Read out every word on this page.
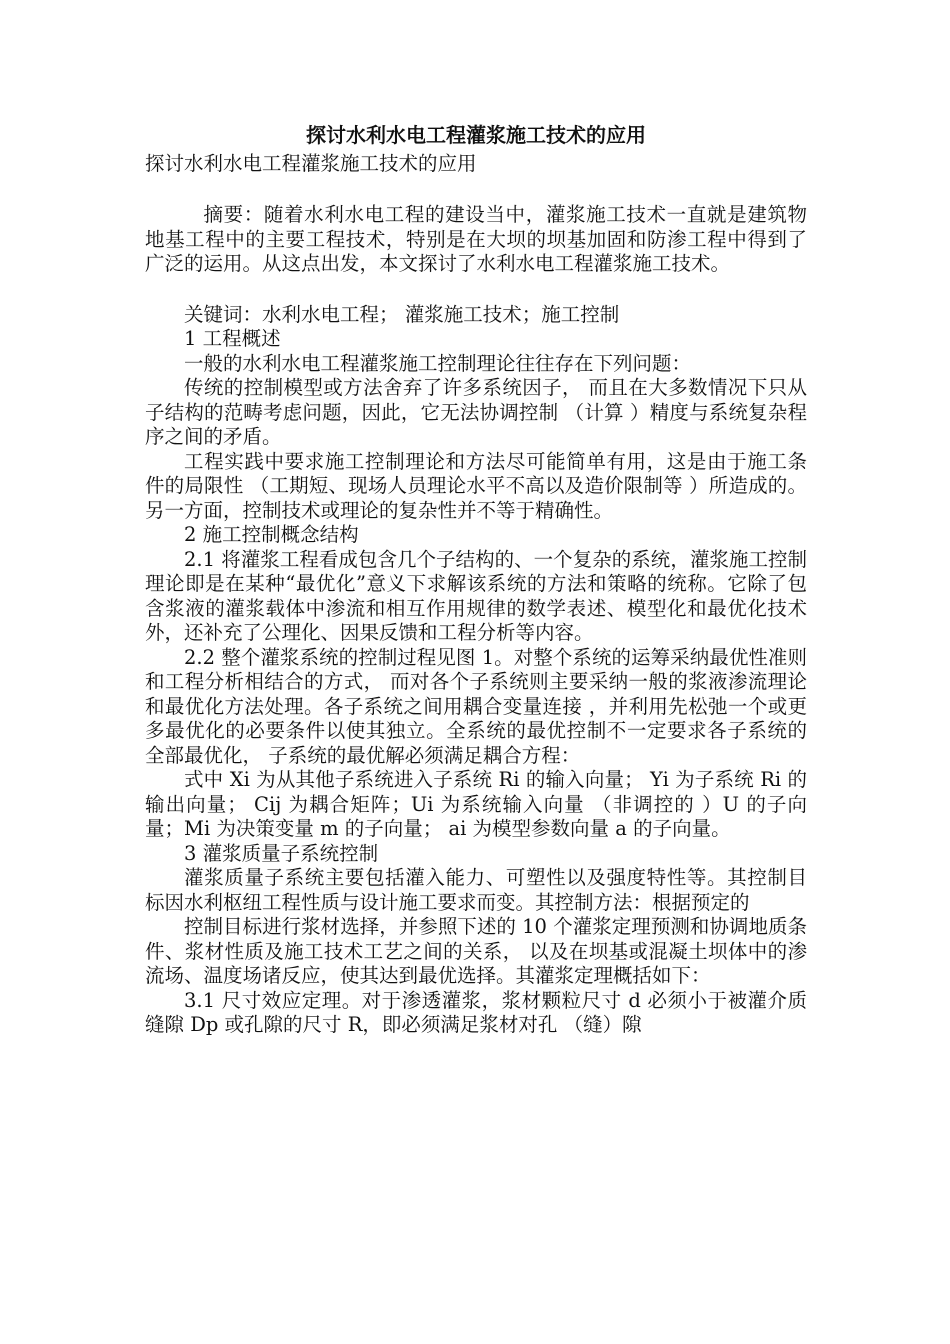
探讨水利水电工程灌浆施工技术的应用

探讨水利水电工程灌浆施工技术的应用

摘要：随着水利水电工程的建设当中，灌浆施工技术一直就是建筑物地基工程中的主要工程技术，特别是在大坝的坝基加固和防渗工程中得到了广泛的运用。从这点出发，本文探讨了水利水电工程灌浆施工技术。

关键词：水利水电工程； 灌浆施工技术；施工控制

1 工程概述

一般的水利水电工程灌浆施工控制理论往往存在下列问题：

传统的控制模型或方法舍弃了许多系统因子， 而且在大多数情况下只从子结构的范畴考虑问题，因此，它无法协调控制 （计算 ）精度与系统复杂程序之间的矛盾。

工程实践中要求施工控制理论和方法尽可能简单有用，这是由于施工条件的局限性 （工期短、现场人员理论水平不高以及造价限制等 ）所造成的。另一方面，控制技术或理论的复杂性并不等于精确性。

2 施工控制概念结构

2.1 将灌浆工程看成包含几个子结构的、一个复杂的系统，灌浆施工控制理论即是在某种“最优化”意义下求解该系统的方法和策略的统称。它除了包含浆液的灌浆载体中渗流和相互作用规律的数学表述、模型化和最优化技术外，还补充了公理化、因果反馈和工程分析等内容。

2.2 整个灌浆系统的控制过程见图 1。对整个系统的运筹采纳最优性准则和工程分析相结合的方式， 而对各个子系统则主要采纳一般的浆液渗流理论和最优化方法处理。各子系统之间用耦合变量连接 ，并利用先松弛一个或更多最优化的必要条件以使其独立。全系统的最优控制不一定要求各子系统的全部最优化， 子系统的最优解必须满足耦合方程：

式中 Xi 为从其他子系统进入子系统 Ri 的输入向量； Yi 为子系统 Ri 的输出向量； Cij 为耦合矩阵；Ui 为系统输入向量 （非调控的 ）U 的子向量；Mi 为决策变量 m 的子向量； ai 为模型参数向量 a 的子向量。

3 灌浆质量子系统控制

灌浆质量子系统主要包括灌入能力、可塑性以及强度特性等。其控制目标因水利枢纽工程性质与设计施工要求而变。其控制方法：根据预定的

控制目标进行浆材选择，并参照下述的 10 个灌浆定理预测和协调地质条件、浆材性质及施工技术工艺之间的关系， 以及在坝基或混凝土坝体中的渗流场、温度场诸反应，使其达到最优选择。其灌浆定理概括如下：

3.1 尺寸效应定理。对于渗透灌浆，浆材颗粒尺寸 d 必须小于被灌介质缝隙 Dp 或孔隙的尺寸 R，即必须满足浆材对孔 （缝）隙
